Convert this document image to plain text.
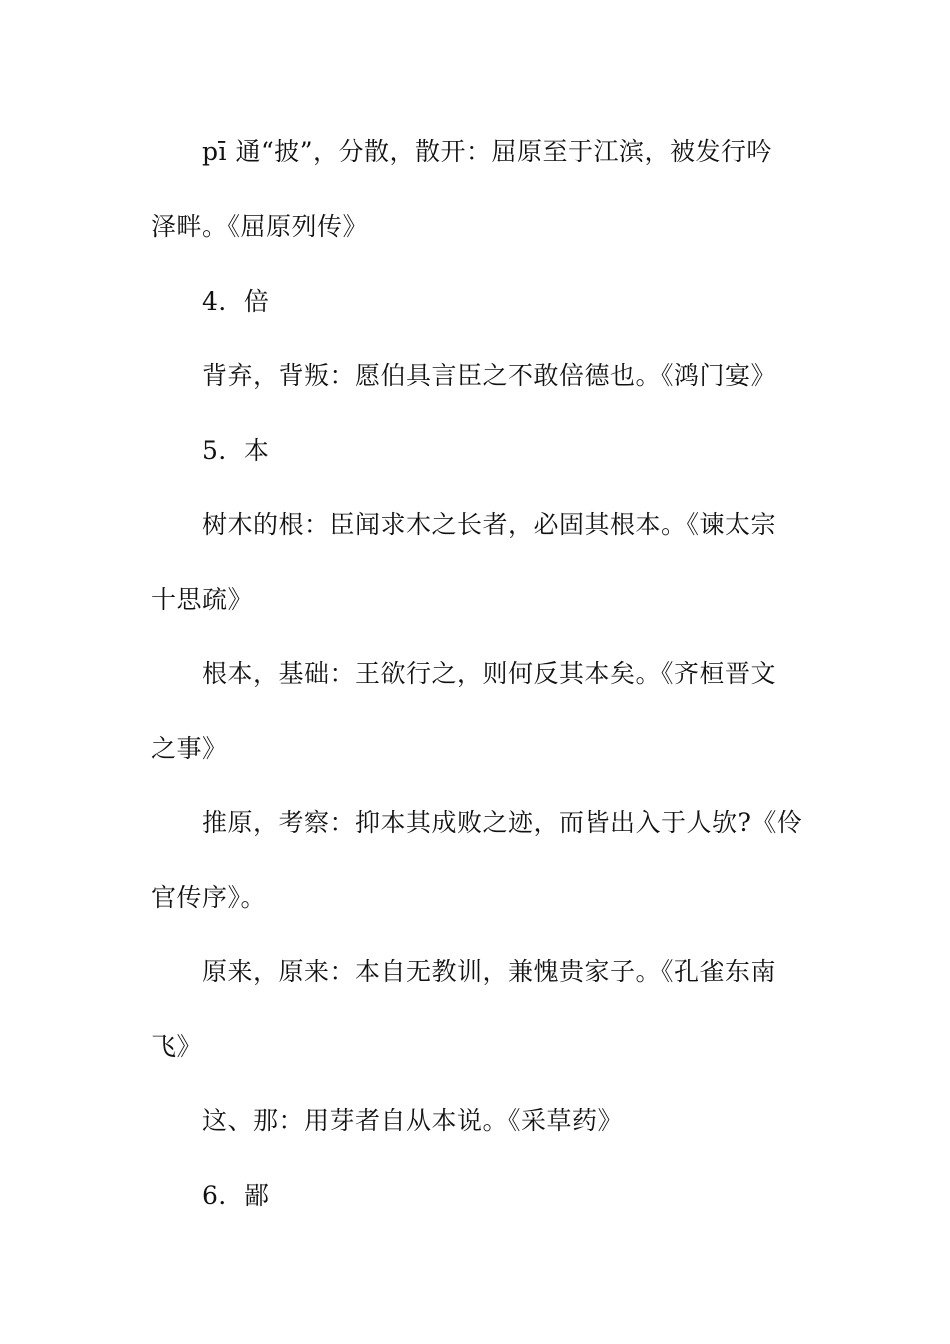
pī 通“披”，分散，散开：屈原至于江滨，被发行吟
泽畔。《屈原列传》
4．倍
背弃，背叛：愿伯具言臣之不敢倍德也。《鸿门宴》
5．本
树木的根：臣闻求木之长者，必固其根本。《谏太宗
十思疏》
根本，基础：王欲行之，则何反其本矣。《齐桓晋文
之事》
推原，考察：抑本其成败之迹，而皆出入于人欤?《伶
官传序》。
原来，原来：本自无教训，兼愧贵家子。《孔雀东南
飞》
这、那：用芽者自从本说。《采草药》
6．鄙
